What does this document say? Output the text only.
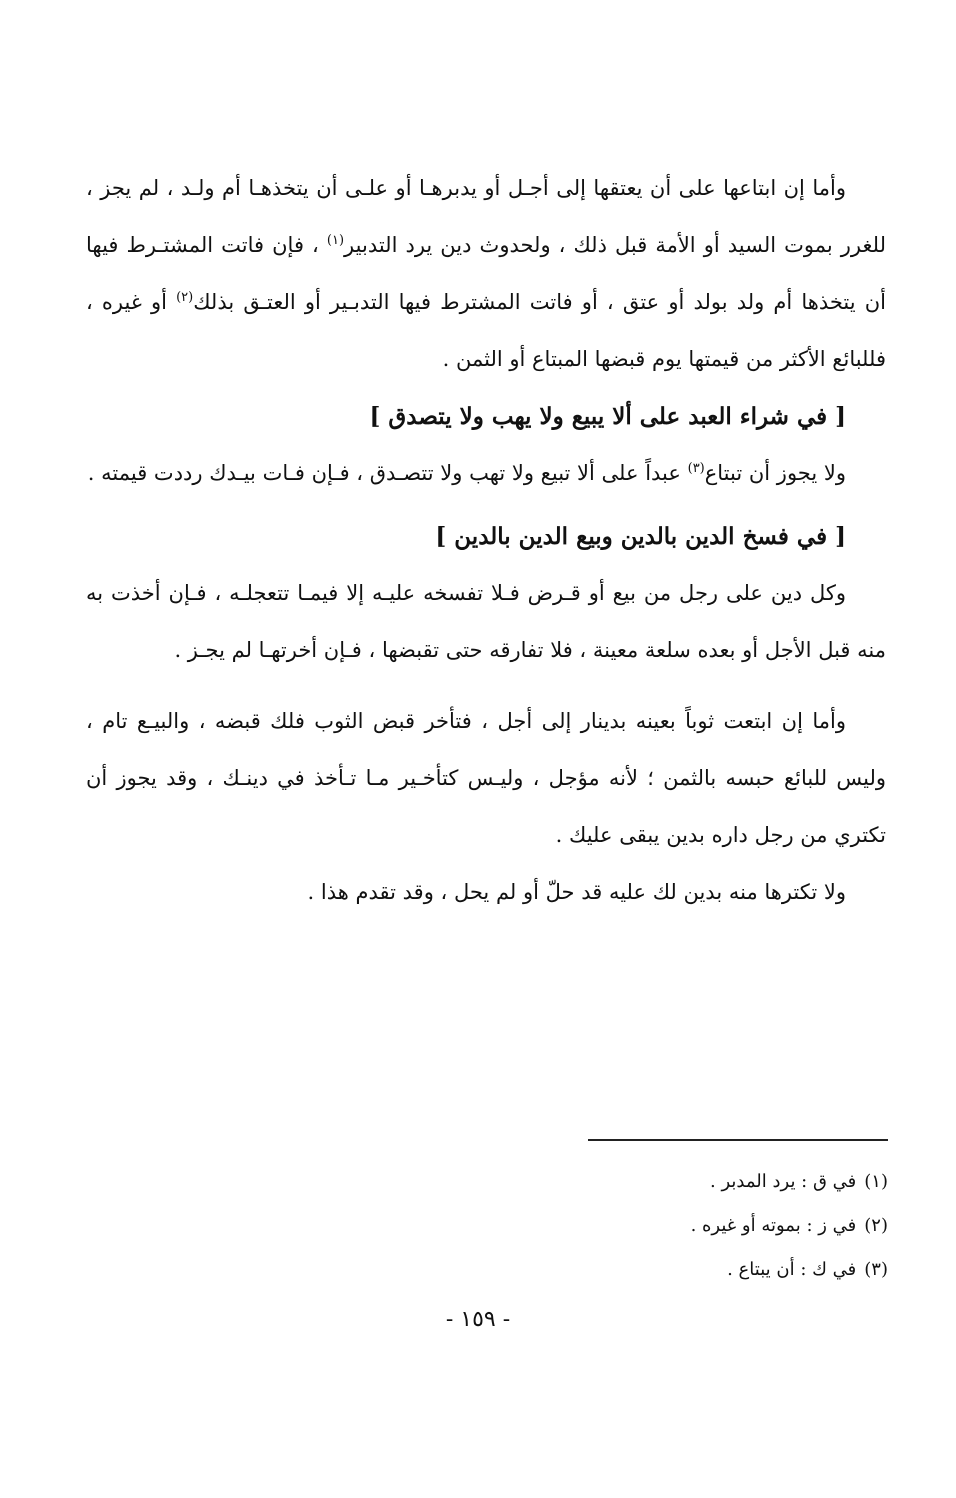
وأما إن ابتاعها على أن يعتقها إلى أجـل أو يدبرهـا أو علـى أن يتخذهـا أم ولـد ، لم يجز ، للغرر بموت السيد أو الأمة قبل ذلك ، ولحدوث دين يرد التدبير$^{(١)}$ ، فإن فاتت المشتـرط فيها أن يتخذها أم ولد بولد أو عتق ، أو فاتت المشترط فيها التدبـير أو العتـق بذلك$^{(٢)}$ أو غيره ، فللبائع الأكثر من قيمتها يوم قبضها المبتاع أو الثمن .

[ في شراء العبد على ألا يبيع ولا يهب ولا يتصدق ]

ولا يجوز أن تبتاع$^{(٣)}$ عبداً على ألا تبيع ولا تهب ولا تتصـدق ، فـإن فـات بيـدك رددت قيمته .

[ في فسخ الدين بالدين وبيع الدين بالدين ]

وكل دين على رجل من بيع أو قـرض فـلا تفسخه عليـه إلا فيمـا تتعجلـه ، فـإن أخذت به منه قبل الأجل أو بعده سلعة معينة ، فلا تفارقه حتى تقبضها ، فـإن أخرتهـا لم يجـز .

وأما إن ابتعت ثوباً بعينه بدينار إلى أجل ، فتأخر قبض الثوب فلك قبضه ، والبيـع تام ، وليس للبائع حبسه بالثمن ؛ لأنه مؤجل ، وليـس كتأخـير مـا تـأخذ في دينـك ، وقد يجوز أن تكتري من رجل داره بدين يبقى عليك .

ولا تكترها منه بدين لك عليه قد حلّ أو لم يحل ، وقد تقدم هذا .

(١)في ق : يرد المدبر .

(٢)في ز : بموته أو غيره .

(٣)في ك : أن يبتاع .

- ١٥٩ -
